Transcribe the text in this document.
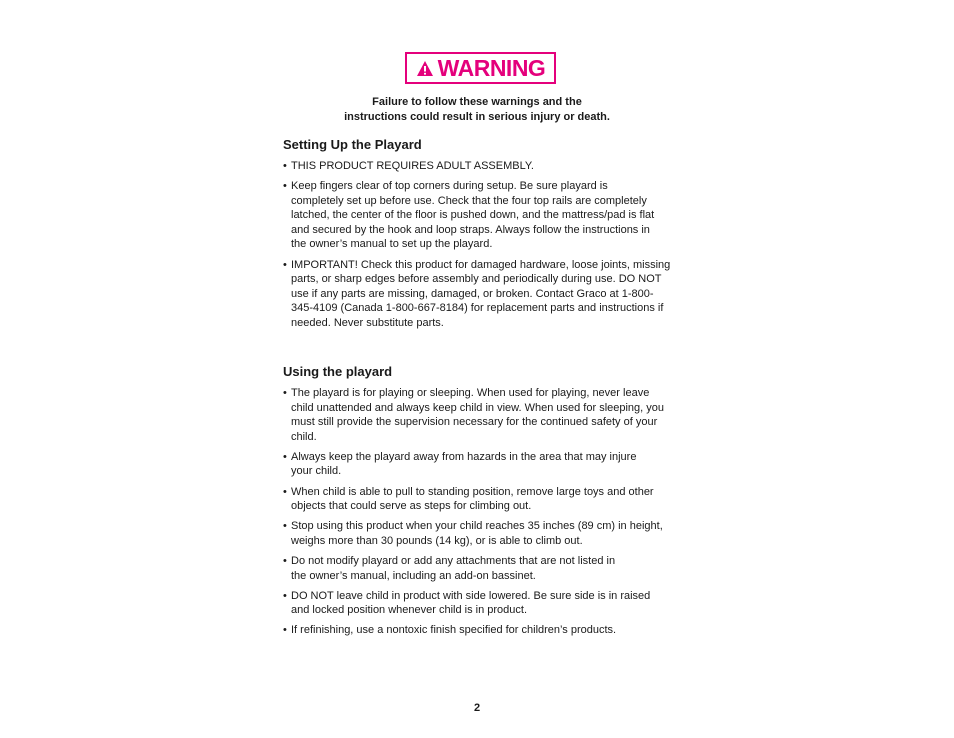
WARNING
Failure to follow these warnings and the
instructions could result in serious injury or death.
Setting Up the Playard
• THIS PRODUCT REQUIRES ADULT ASSEMBLY.
• Keep fingers clear of top corners during setup. Be sure playard is completely set up before use. Check that the four top rails are completely latched, the center of the floor is pushed down, and the mattress/pad is flat and secured by the hook and loop straps. Always follow the instructions in the owner’s manual to set up the playard.
• IMPORTANT! Check this product for damaged hardware, loose joints, missing parts, or sharp edges before assembly and periodically during use. DO NOT use if any parts are missing, damaged, or broken. Contact Graco at 1-800-345-4109 (Canada 1-800-667-8184) for replacement parts and instructions if needed. Never substitute parts.
Using the playard
• The playard is for playing or sleeping. When used for playing, never leave child unattended and always keep child in view. When used for sleeping, you must still provide the supervision necessary for the continued safety of your child.
• Always keep the playard away from hazards in the area that may injure your child.
• When child is able to pull to standing position, remove large toys and other objects that could serve as steps for climbing out.
• Stop using this product when your child reaches 35 inches (89 cm) in height, weighs more than 30 pounds (14 kg), or is able to climb out.
• Do not modify playard or add any attachments that are not listed in the owner’s manual, including an add-on bassinet.
• DO NOT leave child in product with side lowered. Be sure side is in raised and locked position whenever child is in product.
• If refinishing, use a nontoxic finish specified for children’s products.
2
